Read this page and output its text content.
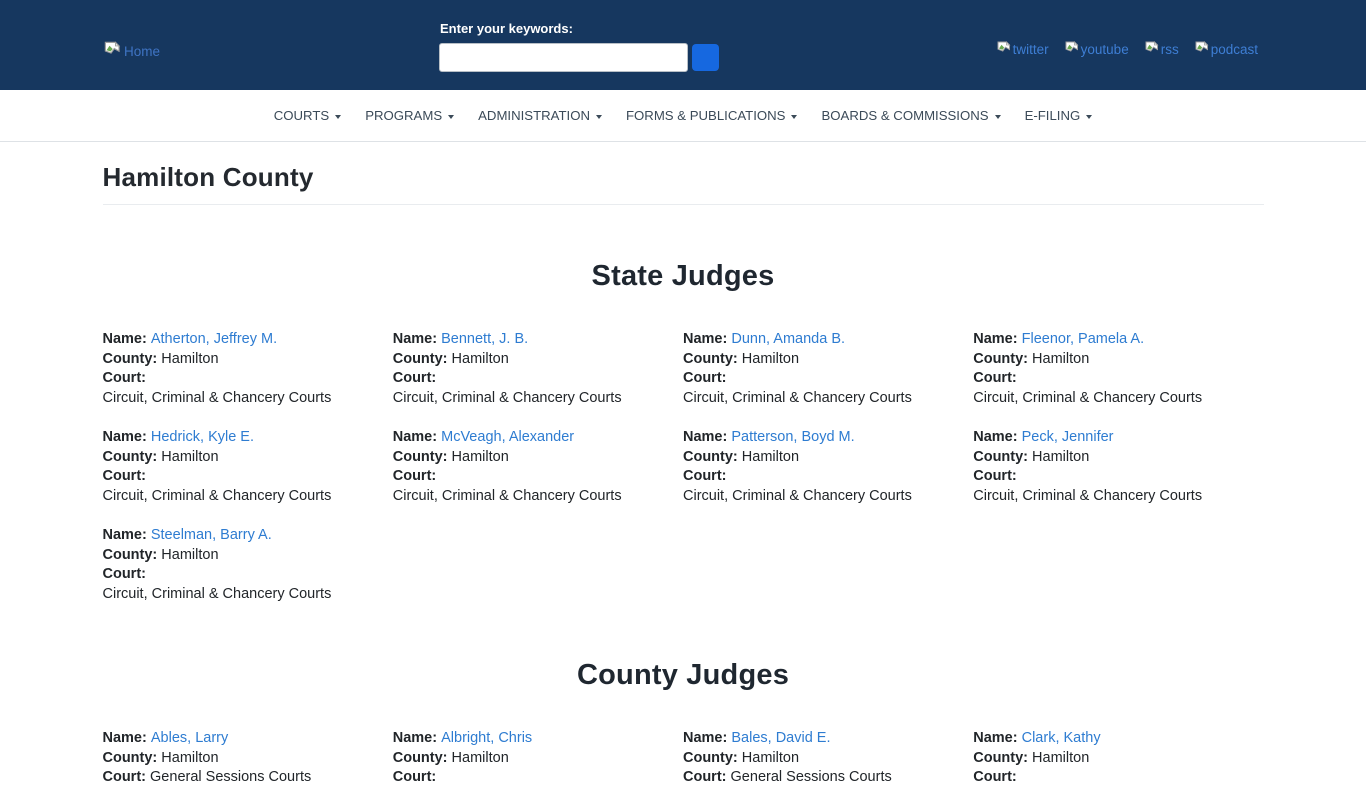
Home
Enter your keywords:
twitter youtube rss podcast
COURTS	PROGRAMS	ADMINISTRATION	FORMS & PUBLICATIONS	BOARDS & COMMISSIONS	E-FILING
Hamilton County
State Judges
Name: Atherton, Jeffrey M.
County: Hamilton
Court:
Circuit, Criminal & Chancery Courts
Name: Bennett, J. B.
County: Hamilton
Court:
Circuit, Criminal & Chancery Courts
Name: Dunn, Amanda B.
County: Hamilton
Court:
Circuit, Criminal & Chancery Courts
Name: Fleenor, Pamela A.
County: Hamilton
Court:
Circuit, Criminal & Chancery Courts
Name: Hedrick, Kyle E.
County: Hamilton
Court:
Circuit, Criminal & Chancery Courts
Name: McVeagh, Alexander
County: Hamilton
Court:
Circuit, Criminal & Chancery Courts
Name: Patterson, Boyd M.
County: Hamilton
Court:
Circuit, Criminal & Chancery Courts
Name: Peck, Jennifer
County: Hamilton
Court:
Circuit, Criminal & Chancery Courts
Name: Steelman, Barry A.
County: Hamilton
Court:
Circuit, Criminal & Chancery Courts
County Judges
Name: Ables, Larry
County: Hamilton
Court: General Sessions Courts
Name: Albright, Chris
County: Hamilton
Court:
Name: Bales, David E.
County: Hamilton
Court: General Sessions Courts
Name: Clark, Kathy
County: Hamilton
Court:
